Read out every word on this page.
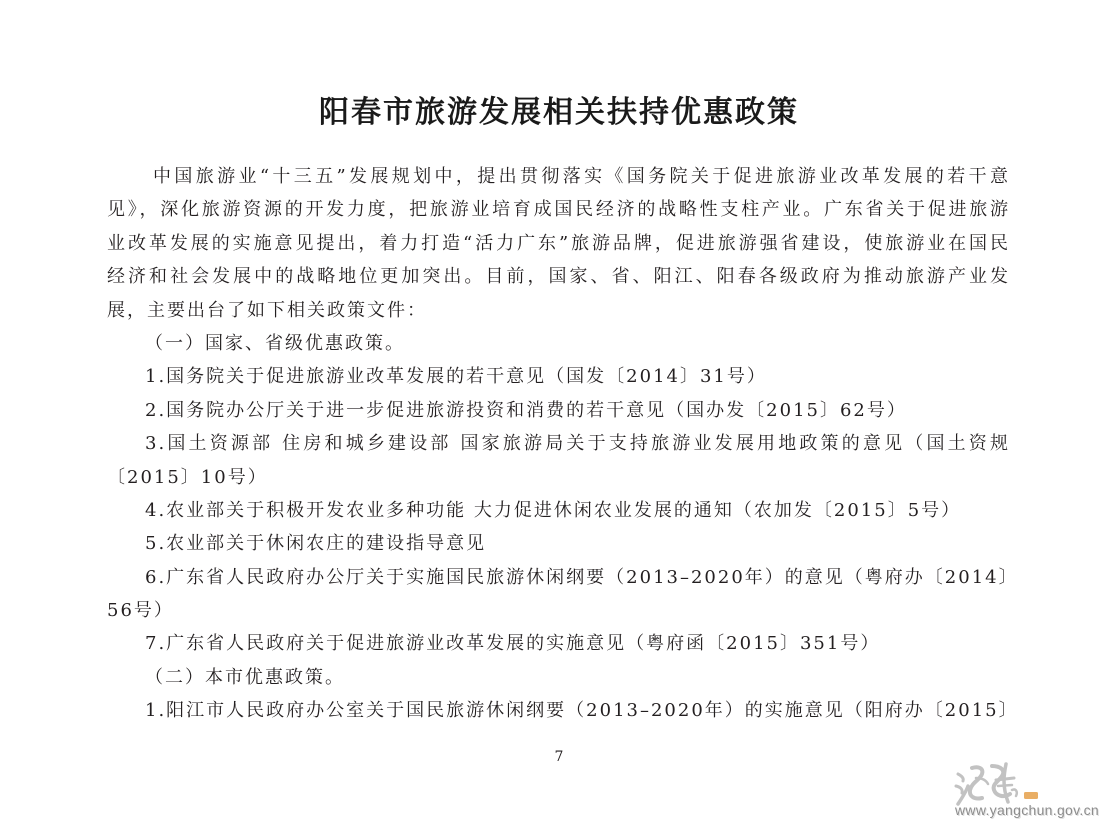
阳春市旅游发展相关扶持优惠政策
中国旅游业“十三五”发展规划中，提出贯彻落实《国务院关于促进旅游业改革发展的若干意
见》，深化旅游资源的开发力度，把旅游业培育成国民经济的战略性支柱产业。广东省关于促进旅游
业改革发展的实施意见提出，着力打造“活力广东”旅游品牌，促进旅游强省建设，使旅游业在国民
经济和社会发展中的战略地位更加突出。目前，国家、省、阳江、阳春各级政府为推动旅游产业发
展，主要出台了如下相关政策文件：
（一）国家、省级优惠政策。
1.国务院关于促进旅游业改革发展的若干意见（国发〔2014〕31号）
2.国务院办公厅关于进一步促进旅游投资和消费的若干意见（国办发〔2015〕62号）
3.国土资源部 住房和城乡建设部 国家旅游局关于支持旅游业发展用地政策的意见（国土资规
〔2015〕10号）
4.农业部关于积极开发农业多种功能 大力促进休闲农业发展的通知（农加发〔2015〕5号）
5.农业部关于休闲农庄的建设指导意见
6.广东省人民政府办公厅关于实施国民旅游休闲纲要（2013–2020年）的意见（粤府办〔2014〕
56号）
7.广东省人民政府关于促进旅游业改革发展的实施意见（粤府函〔2015〕351号）
（二）本市优惠政策。
1.阳江市人民政府办公室关于国民旅游休闲纲要（2013–2020年）的实施意见（阳府办〔2015〕
7
www.yangchun.gov.cn
